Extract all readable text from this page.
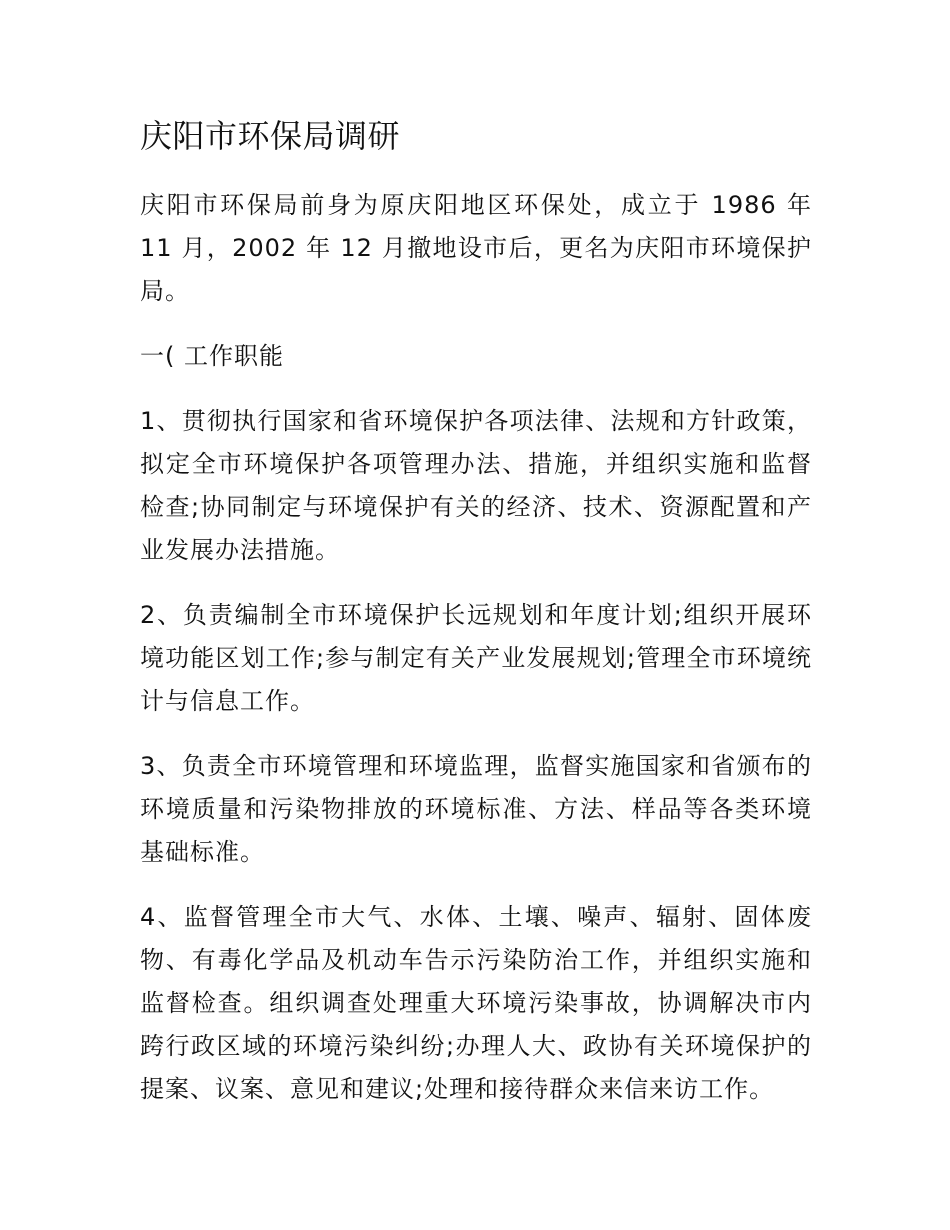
庆阳市环保局调研

庆阳市环保局前身为原庆阳地区环保处，成立于 1986 年 11 月，2002 年 12 月撤地设市后，更名为庆阳市环境保护局。

一( 工作职能

1、贯彻执行国家和省环境保护各项法律、法规和方针政策，拟定全市环境保护各项管理办法、措施，并组织实施和监督检查;协同制定与环境保护有关的经济、技术、资源配置和产业发展办法措施。

2、负责编制全市环境保护长远规划和年度计划;组织开展环境功能区划工作;参与制定有关产业发展规划;管理全市环境统计与信息工作。

3、负责全市环境管理和环境监理，监督实施国家和省颁布的环境质量和污染物排放的环境标准、方法、样品等各类环境基础标准。

4、监督管理全市大气、水体、土壤、噪声、辐射、固体废物、有毒化学品及机动车告示污染防治工作，并组织实施和监督检查。组织调查处理重大环境污染事故，协调解决市内跨行政区域的环境污染纠纷;办理人大、政协有关环境保护的提案、议案、意见和建议;处理和接待群众来信来访工作。
